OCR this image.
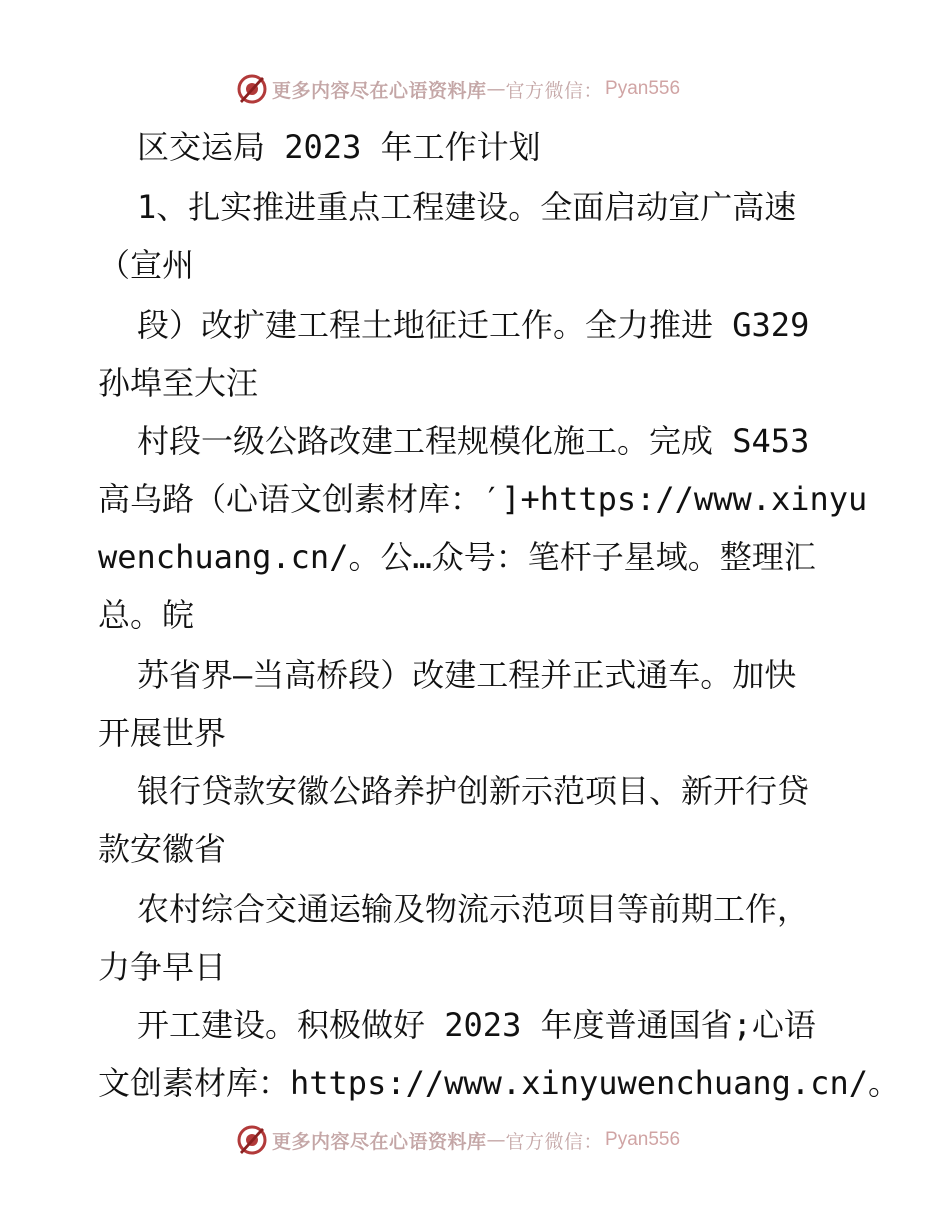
更多内容尽在心语资料库 — 官方微信： Pyan556
区交运局 2023 年工作计划
1、扎实推进重点工程建设。全面启动宣广高速
（宣州
段）改扩建工程土地征迁工作。全力推进 G329
孙埠至大汪
村段一级公路改建工程规模化施工。完成 S453
高乌路（心语文创素材库：′]+https://www.xinyu
wenchuang.cn/。公…众号：笔杆子星域。整理汇
总。皖
苏省界—当高桥段）改建工程并正式通车。加快
开展世界
银行贷款安徽公路养护创新示范项目、新开行贷
款安徽省
农村综合交通运输及物流示范项目等前期工作，
力争早日
开工建设。积极做好 2023 年度普通国省;心语
文创素材库：https://www.xinyuwenchuang.cn/。
更多内容尽在心语资料库 — 官方微信： Pyan556
